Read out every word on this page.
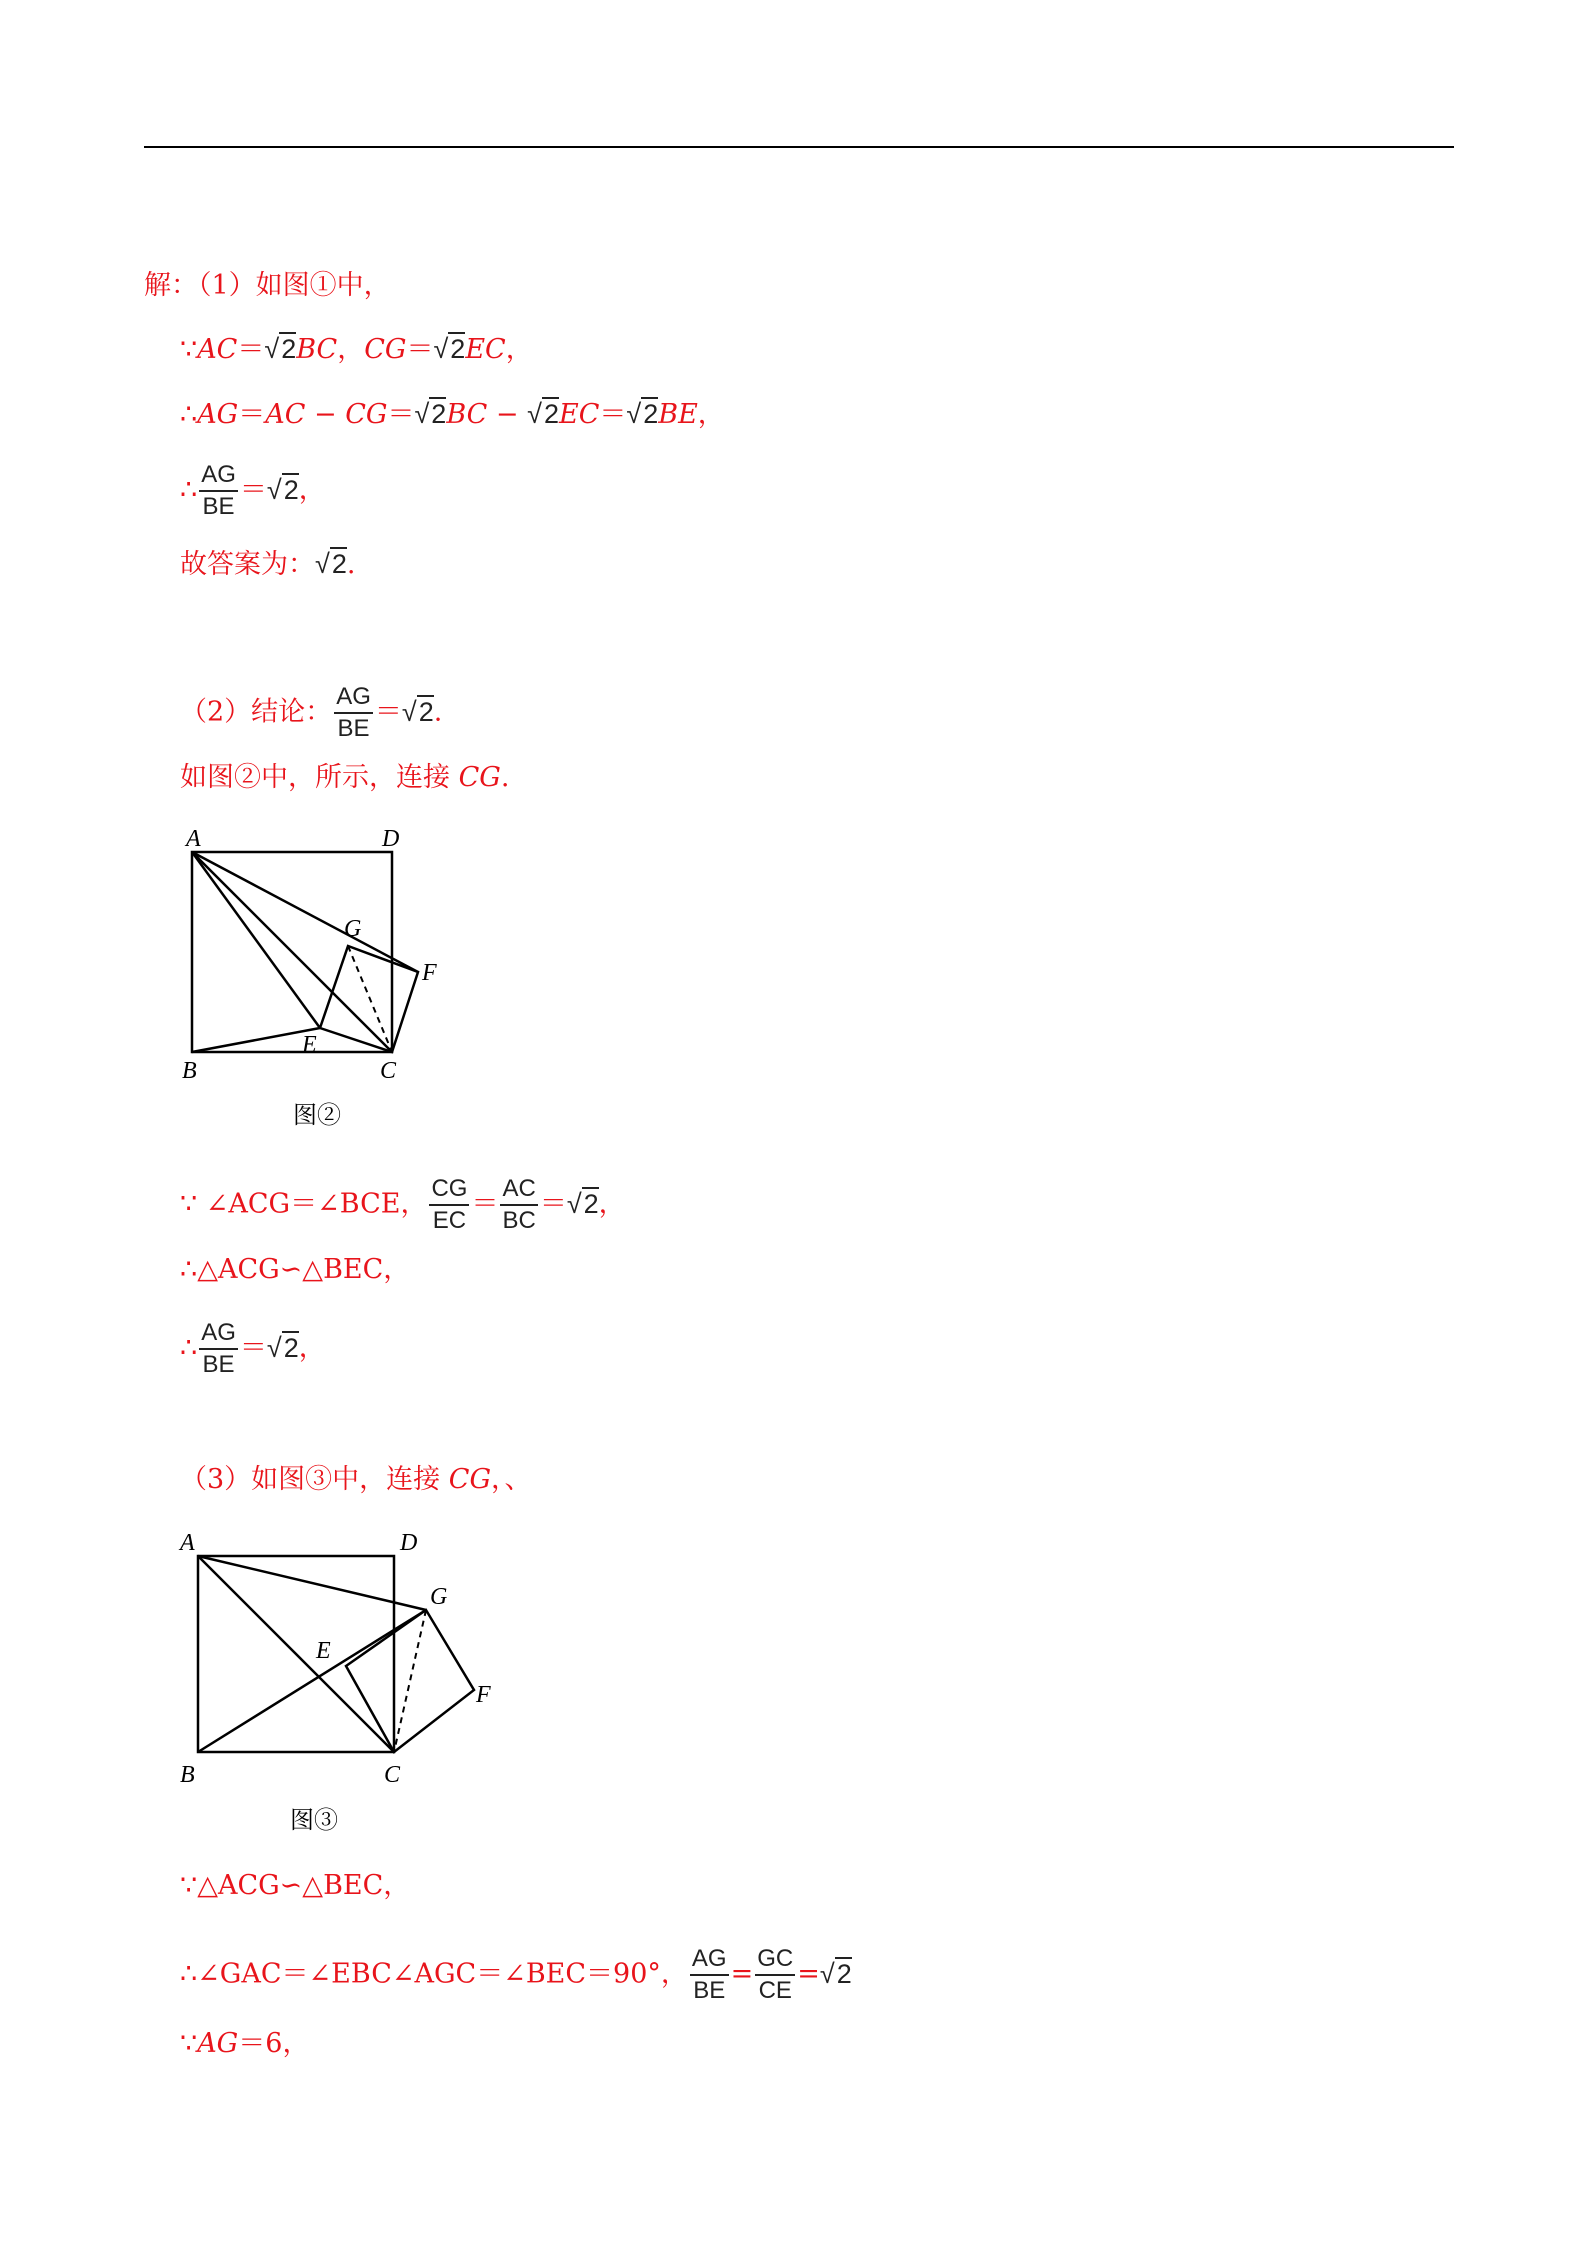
解：（1）如图①中，
∵AC＝√2BC，CG＝√2EC，
∴AG＝AC − CG＝√2BC − √2EC＝√2BE，
∴ $\frac{AG}{BE} =√2$，
故答案为：√2.
（2）结论： $\frac{AG}{BE} =√2$.
如图②中，所示，连接 CG.
A	D
B	C
E
F
G
图②
∵ ∠ACG＝∠BCE， $\frac{CG}{EC} = \frac{AC}{BC} =√2$，
∴△ACG∽△BEC，
∴ $\frac{AG}{BE} =√2$，
（3）如图③中，连接 CG，、
A	D
B	C
E
F
G
图③
∵△ACG∽△BEC，
∴∠GAC＝∠EBC∠AGC＝∠BEC＝90°， $\frac{AG}{BE} = \frac{GC}{CE} =√2$
∵AG＝6，
